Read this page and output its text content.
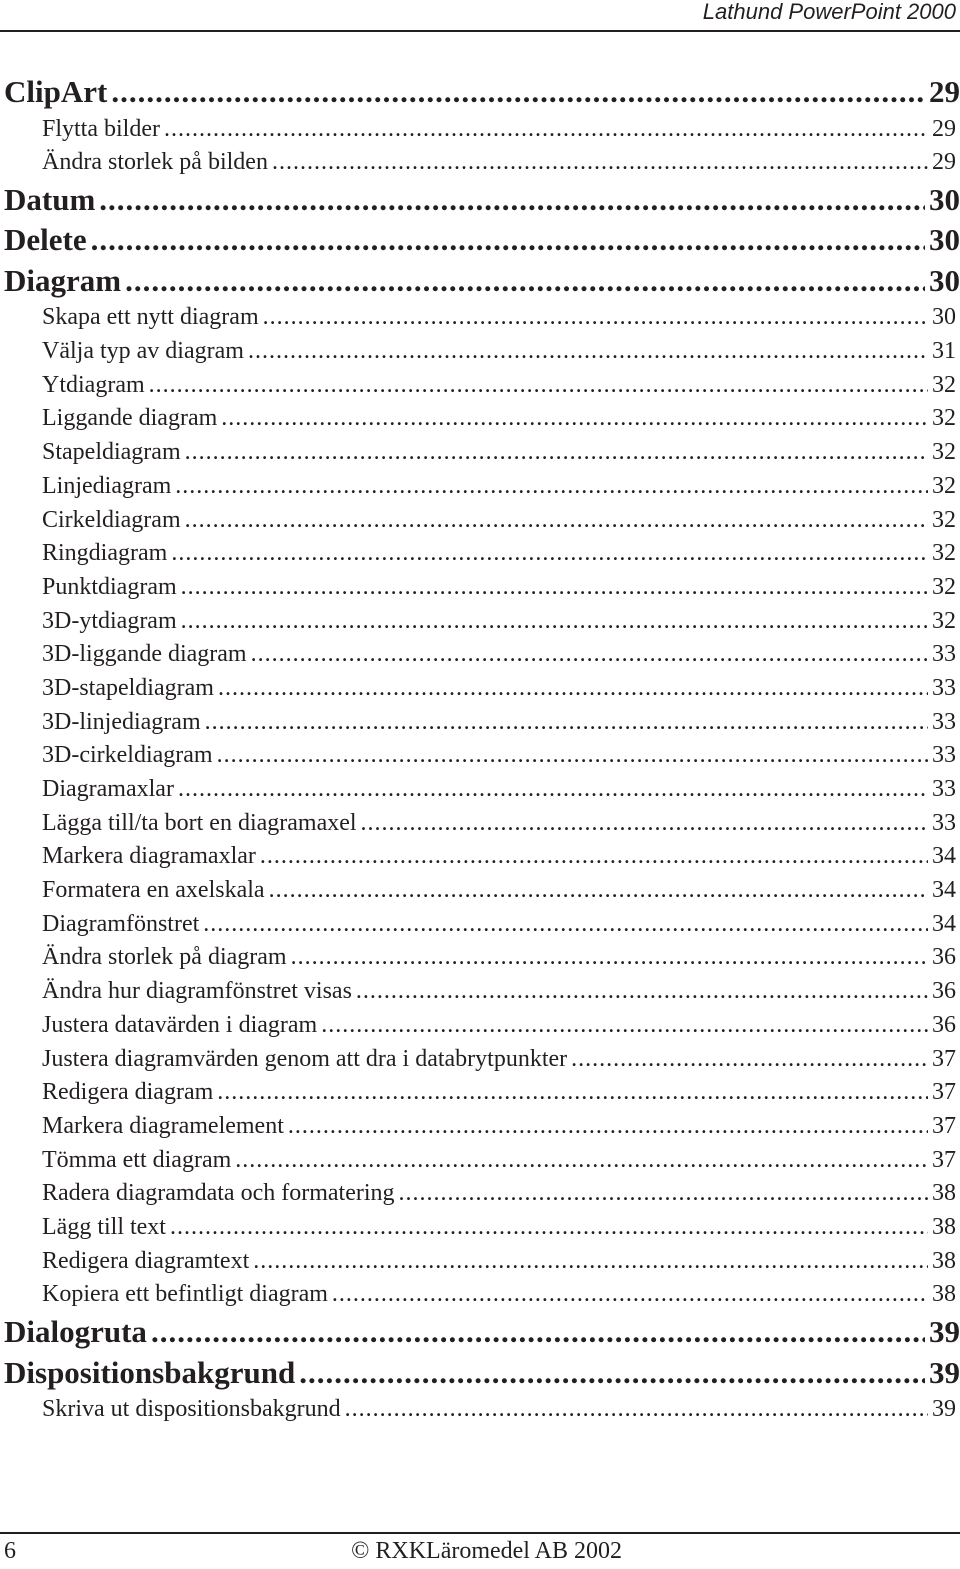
Lathund PowerPoint 2000
ClipArt .....	29
Flytta bilder .....	29
Ändra storlek på bilden .....	29
Datum .....	30
Delete .....	30
Diagram .....	30
Skapa ett nytt diagram .....	30
Välja typ av diagram .....	31
Ytdiagram .....	32
Liggande diagram .....	32
Stapeldiagram .....	32
Linjediagram .....	32
Cirkeldiagram .....	32
Ringdiagram .....	32
Punktdiagram .....	32
3D-ytdiagram .....	32
3D-liggande diagram .....	33
3D-stapeldiagram .....	33
3D-linjediagram .....	33
3D-cirkeldiagram .....	33
Diagramaxlar .....	33
Lägga till/ta bort en diagramaxel .....	33
Markera diagramaxlar .....	34
Formatera en axelskala .....	34
Diagramfönstret .....	34
Ändra storlek på diagram .....	36
Ändra hur diagramfönstret visas .....	36
Justera datavärden i diagram .....	36
Justera diagramvärden genom att dra i databrytpunkter .....	37
Redigera diagram .....	37
Markera diagramelement .....	37
Tömma ett diagram .....	37
Radera diagramdata och formatering .....	38
Lägg till text .....	38
Redigera diagramtext .....	38
Kopiera ett befintligt diagram .....	38
Dialogruta .....	39
Dispositionsbakgrund .....	39
Skriva ut dispositionsbakgrund .....	39
6	© RXKLäromedel AB 2002
